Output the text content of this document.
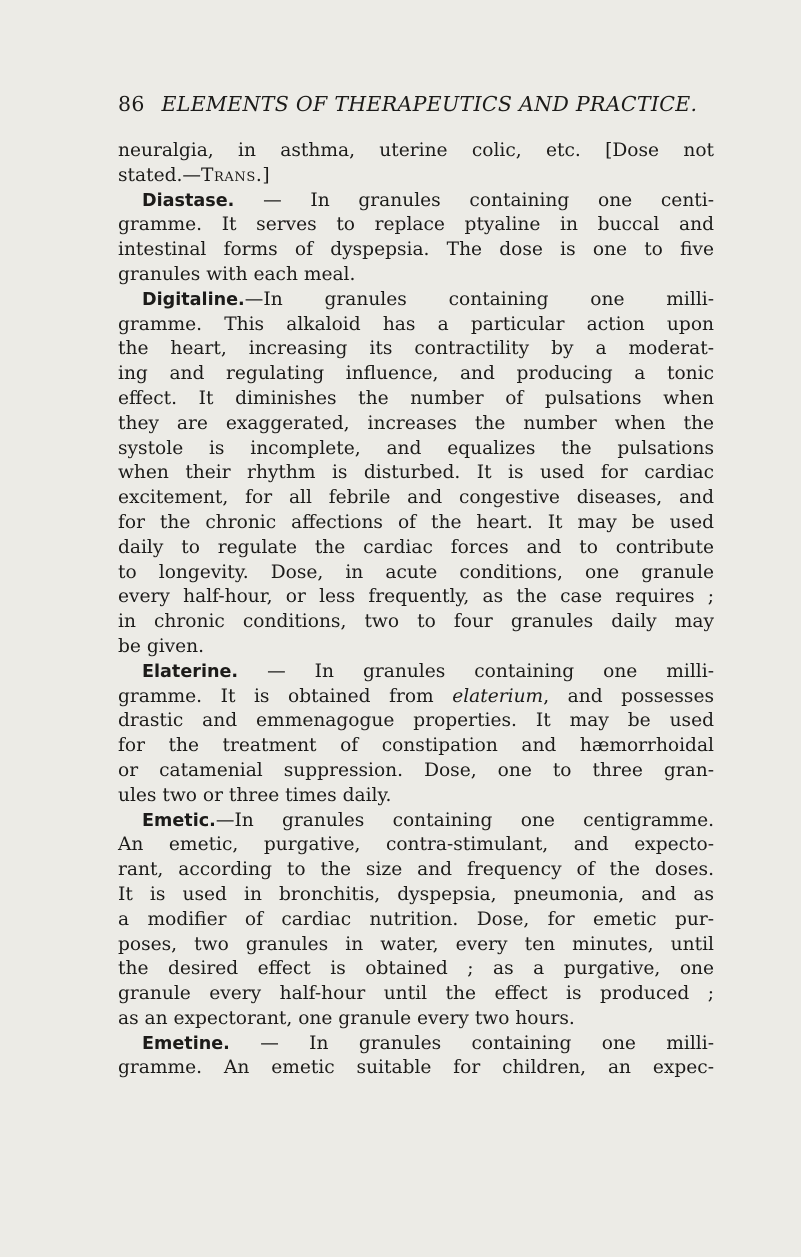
86 ELEMENTS OF THERAPEUTICS AND PRACTICE.
neuralgia, in asthma, uterine colic, etc. [Dose not
stated.—Trans.]
Diastase. — In granules containing one centi-
gramme. It serves to replace ptyaline in buccal and
intestinal forms of dyspepsia. The dose is one to five
granules with each meal.
Digitaline.—In granules containing one milli-
gramme. This alkaloid has a particular action upon
the heart, increasing its contractility by a moderat-
ing and regulating influence, and producing a tonic
effect. It diminishes the number of pulsations when
they are exaggerated, increases the number when the
systole is incomplete, and equalizes the pulsations
when their rhythm is disturbed. It is used for cardiac
excitement, for all febrile and congestive diseases, and
for the chronic affections of the heart. It may be used
daily to regulate the cardiac forces and to contribute
to longevity. Dose, in acute conditions, one granule
every half-hour, or less frequently, as the case requires ;
in chronic conditions, two to four granules daily may
be given.
Elaterine. — In granules containing one milli-
gramme. It is obtained from elaterium, and possesses
drastic and emmenagogue properties. It may be used
for the treatment of constipation and hæmorrhoidal
or catamenial suppression. Dose, one to three gran-
ules two or three times daily.
Emetic.—In granules containing one centigramme.
An emetic, purgative, contra-stimulant, and expecto-
rant, according to the size and frequency of the doses.
It is used in bronchitis, dyspepsia, pneumonia, and as
a modifier of cardiac nutrition. Dose, for emetic pur-
poses, two granules in water, every ten minutes, until
the desired effect is obtained ; as a purgative, one
granule every half-hour until the effect is produced ;
as an expectorant, one granule every two hours.
Emetine. — In granules containing one milli-
gramme. An emetic suitable for children, an expec-
